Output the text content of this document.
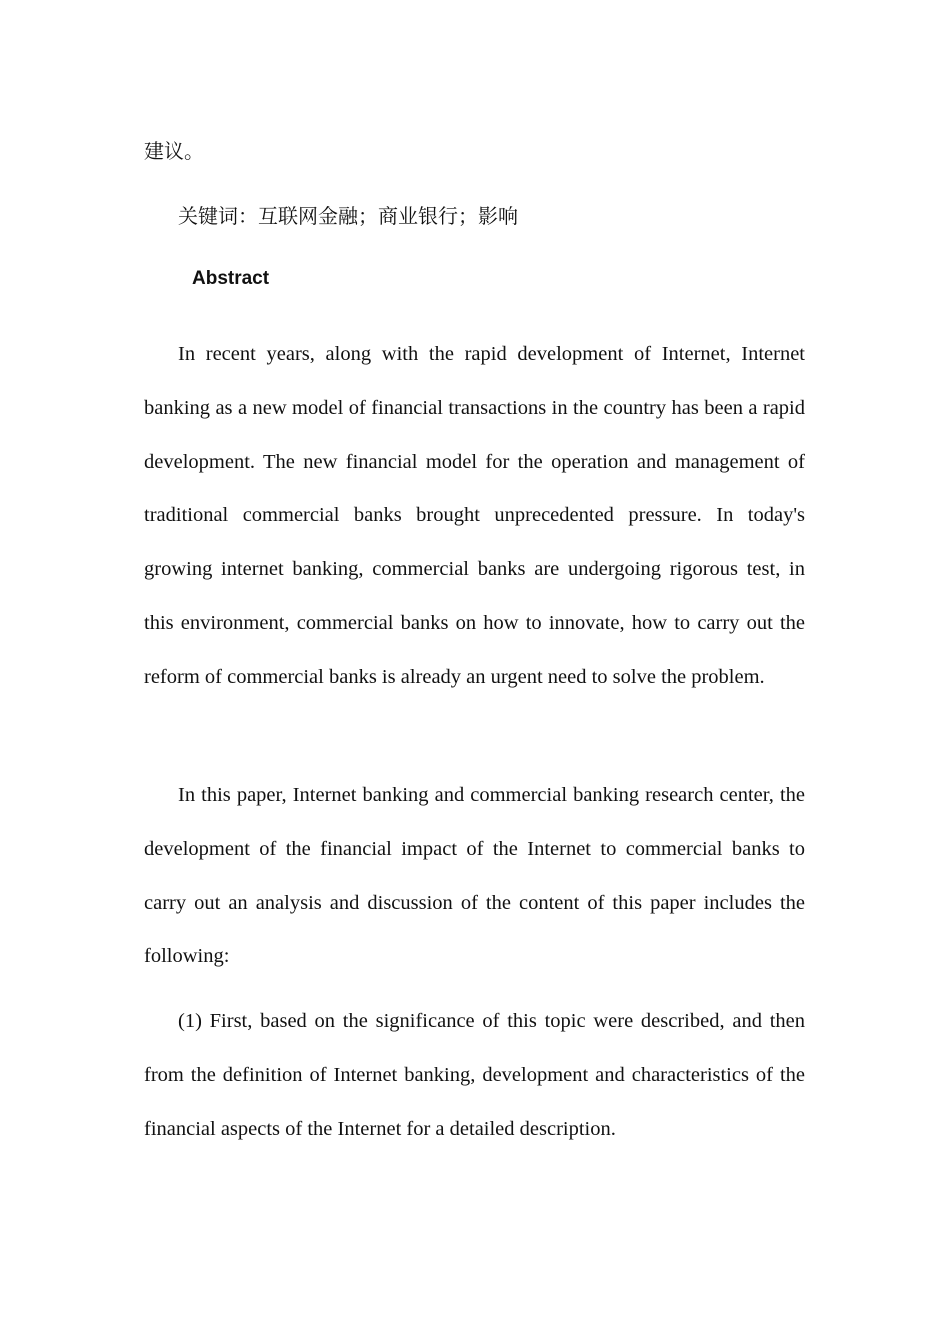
建议。

关键词：互联网金融；商业银行；影响

Abstract

In recent years, along with the rapid development of Internet, Internet banking as a new model of financial transactions in the country has been a rapid development. The new financial model for the operation and management of traditional commercial banks brought unprecedented pressure. In today's growing internet banking, commercial banks are undergoing rigorous test, in this environment, commercial banks on how to innovate, how to carry out the reform of commercial banks is already an urgent need to solve the problem.

In this paper, Internet banking and commercial banking research center, the development of the financial impact of the Internet to commercial banks to carry out an analysis and discussion of the content of this paper includes the following:

(1) First, based on the significance of this topic were described, and then from the definition of Internet banking, development and characteristics of the financial aspects of the Internet for a detailed description.
